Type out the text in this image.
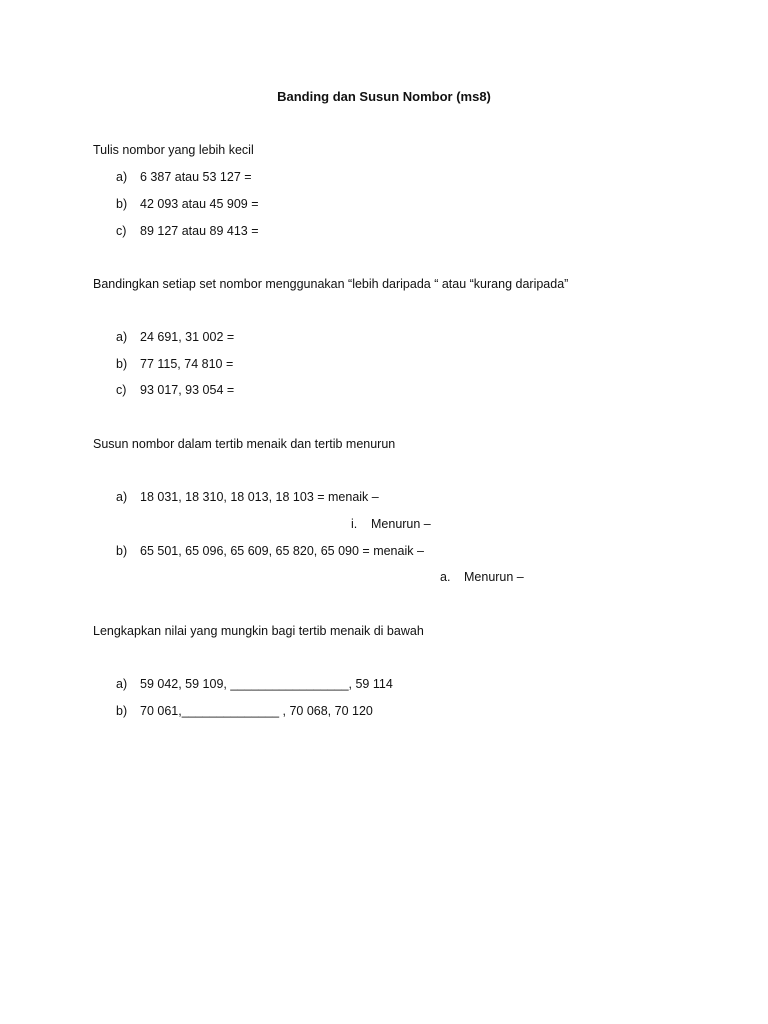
Banding dan Susun Nombor (ms8)
Tulis nombor yang lebih kecil
a) 6 387 atau 53 127 =
b) 42 093 atau 45 909 =
c) 89 127 atau 89 413 =
Bandingkan setiap set nombor menggunakan “lebih daripada “ atau “kurang daripada”
a) 24 691, 31 002 =
b) 77 115, 74 810 =
c) 93 017, 93 054 =
Susun nombor dalam tertib menaik dan tertib menurun
a) 18 031, 18 310, 18 013, 18 103 = menaik –
i. Menurun –
b) 65 501, 65 096, 65 609, 65 820, 65 090 = menaik –
a. Menurun –
Lengkapkan nilai yang mungkin bagi tertib menaik di bawah
a) 59 042, 59 109, _________________, 59 114
b) 70 061,______________ , 70 068, 70 120
